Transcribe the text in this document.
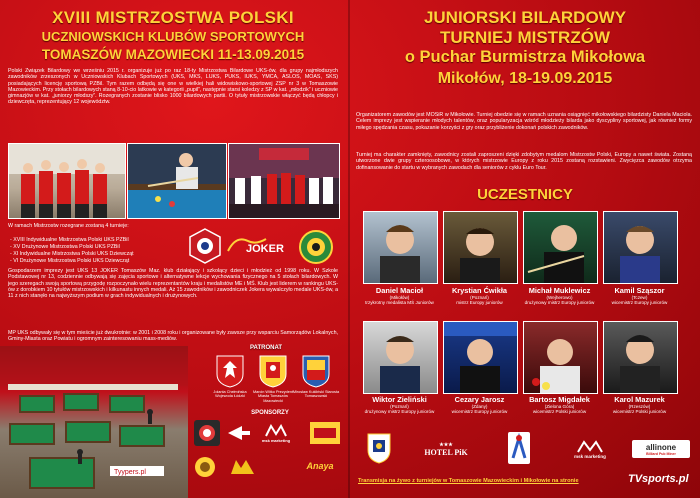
XVIII MISTRZOSTWA POLSKI
UCZNIOWSKICH KLUBÓW SPORTOWYCH
TOMASZÓW MAZOWIECKI 11-13.09.2015
Polski Związek Bilardowy we wrześniu 2015 r. organizuje już po raz 18-ty Mistrzostwa Bilardowe UKS-ów, dla grupy najmłodszych zawodników zrzeszonych w Uczniowskich Klubach Sportowych (UKS, MKS, LUKS, PUKS, IUKS, YMCA, ASLOS, MOAS, SKS) posiadających licencję sportową PZBil. Tym razem odbędą się one w wielkiej hali widowiskowo-sportowej ZSP nr 3 w Tomaszowie Mazowieckim. Przy stołach bilardowych staną 8-10-cio latkowie w kategorii „pupil”, następnie starsi koledzy z SP w kat. „młodzik” i uczniowie gimnazjów w kat. „juniorzy młodszy”. Rozegranych zostanie blisko 1000 bilardowych partii. O tytuły mistrzowskie włączyć będą chłopcy i dziewczęta, reprezentujący 12 województw.
W ramach Mistrzostw rozegrane zostaną 4 turnieje:
- XVIII Indywidualne Mistrzostwa Polski UKS PZBil
- XV Drużynowe Mistrzostwa Polski UKS PZBil
- XI Indywidualne Mistrzostwa Polski UKS Dziewcząt
- VI Drużynowe Mistrzostwa Polski UKS Dziewcząt
JOKER
Gospodarzem imprezy jest UKS 13 JOKER Tomaszów Maz. klub działający i szkolący dzieci i młodzież od 1998 roku. W Szkole Podstawowej nr 13, codziennie odbywają się zajęcia sportowe i alternatywne lekcje wychowania fizycznego na 5 stołach bilardowych. W jego szeregach swoją sportową przygodę rozpoczynało wielu reprezentantów kraju i medalistów ME i MŚ. Klub jest liderem w rankingu UKS-ów z dorobkiem 10 tytułów mistrzowskich i kilkunastu innych medali. Aż 15 zawodników i zawodniczek Jokera wywalczyło medale UKS-ów, a 11 z nich stanęło na najwyższym podium w grach indywidualnych i drużynowych.
MP UKS odbywały się w tym mieście już dwukrotnie: w 2001 i 2008 roku i organizowane były zawsze przy wsparciu Samorządów Lokalnych, Gminy-Miasta oraz Powiatu i ogromnym zainteresowaniu mass-mediów.
Tyypers.pl
PATRONAT
Jolanta Chełmińska Wojewoda Łódzki
Marcin Witko Prezydent Miasta Tomaszów Mazowiecki
Mirosław Kukliński Starosta Tomaszowski
SPONSORZY
msk marketing
Anaya
JUNIORSKI BILARDOWY
TURNIEJ MISTRZÓW
o Puchar Burmistrza Mikołowa
Mikołów, 18-19.09.2015
Organizatorem zawodów jest MOSiR w Mikołowie. Turniej obedzie się w ramach uznania osiągnięć mikołowskiego bilardzisty Daniela Maciola. Celem imprezy jest wspieranie młodych talentów, oraz popularyzacja wśród młodzieży bilarda jako dyscypliny sportowej, jak również formy miłego spędzania czasu, pokazanie korzyści z gry oraz przybliżenie dokonań polskich zawodników.
Turniej ma charakter zamknięty, zawodnicy zostali zaproszeni dzięki zdobytym medalom Mistrzostw Polski, Europy a nawet świata. Zostaną utworzone dwie grupy czteroosobowe, w których mistrzowie Europy z roku 2015 zostaną rozstawieni. Zwycięzca zawodów otrzyma dofinansowanie do startu w wybranych zawodach dla seniorów z cyklu Euro Tour.
UCZESTNICY
Daniel Macioł
(Mikołów)
trzykrotny medalista MŚ Juniorów
Krystian Ćwikła
(Poznań)
mistrz Europy juniorów
Michał Muklewicz
(Wejherowo)
drużynowy mistrz Europy juniorów
Kamil Sząszor
(Tczew)
wicemistrz Europy juniorów
Wiktor Zieliński
(Poznań)
drużynowy mistrz Europy juniorów
Cezary Jarosz
(Zdany)
wicemistrz Europy juniorów
Bartosz Migdałek
(Zielona Góra)
wicemistrz Polski juniorów
Karol Mazurek
(Rzeszów)
wicemistrz Polski juniorów
★★★
HOTEL PiK	msk marketing
allinone
Billiard Pub Miner
Transmisja na żywo z turniejów w Tomaszowie Mazowieckim i Mikołowie na stronie	TVsports.pl
